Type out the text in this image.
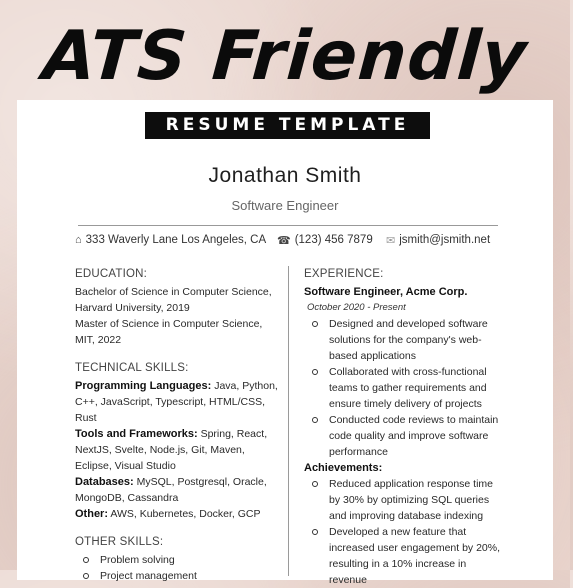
ATS Friendly
RESUME TEMPLATE
Jonathan Smith
Software Engineer
⌂ 333 Waverly Lane Los Angeles, CA ☎ (123) 456 7879 ✉ jsmith@jsmith.net
EDUCATION:
Bachelor of Science in Computer Science, Harvard University, 2019
Master of Science in Computer Science, MIT, 2022
TECHNICAL SKILLS:
Programming Languages: Java, Python, C++, JavaScript, Typescript, HTML/CSS, Rust
Tools and Frameworks: Spring, React, NextJS, Svelte, Node.js, Git, Maven, Eclipse, Visual Studio
Databases: MySQL, Postgresql, Oracle, MongoDB, Cassandra
Other: AWS, Kubernetes, Docker, GCP
OTHER SKILLS:
Problem solving
Project management
EXPERIENCE:
Software Engineer, Acme Corp.
October 2020 - Present
Designed and developed software solutions for the company's web-based applications
Collaborated with cross-functional teams to gather requirements and ensure timely delivery of projects
Conducted code reviews to maintain code quality and improve software performance
Achievements:
Reduced application response time by 30% by optimizing SQL queries and improving database indexing
Developed a new feature that increased user engagement by 20%, resulting in a 10% increase in revenue
